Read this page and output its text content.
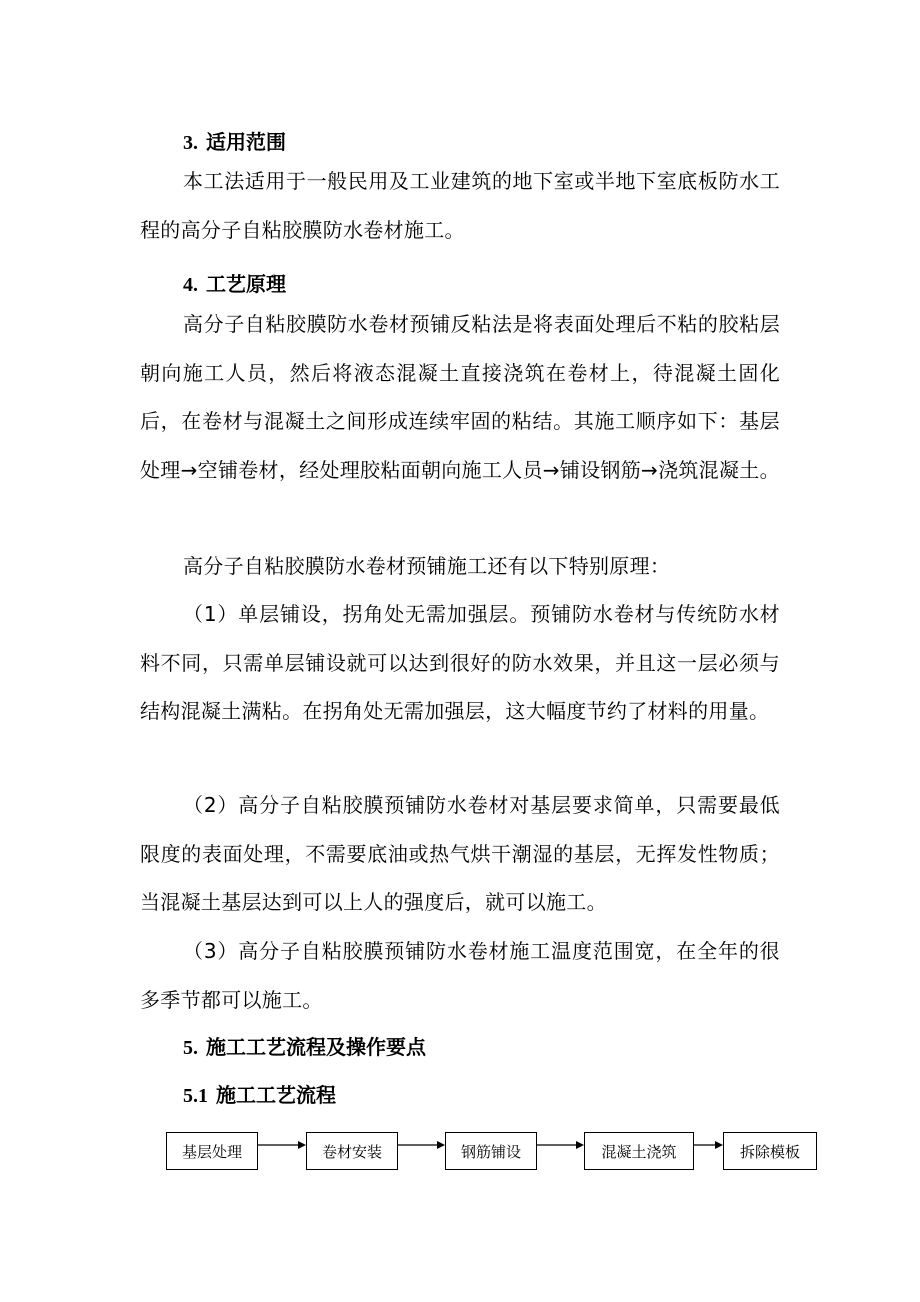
3. 适用范围
本工法适用于一般民用及工业建筑的地下室或半地下室底板防水工程的高分子自粘胶膜防水卷材施工。
4. 工艺原理
高分子自粘胶膜防水卷材预铺反粘法是将表面处理后不粘的胶粘层朝向施工人员，然后将液态混凝土直接浇筑在卷材上，待混凝土固化后，在卷材与混凝土之间形成连续牢固的粘结。其施工顺序如下：基层处理→空铺卷材，经处理胶粘面朝向施工人员→铺设钢筋→浇筑混凝土。
高分子自粘胶膜防水卷材预铺施工还有以下特别原理：
（1）单层铺设，拐角处无需加强层。预铺防水卷材与传统防水材料不同，只需单层铺设就可以达到很好的防水效果，并且这一层必须与结构混凝土满粘。在拐角处无需加强层，这大幅度节约了材料的用量。
（2）高分子自粘胶膜预铺防水卷材对基层要求简单，只需要最低限度的表面处理，不需要底油或热气烘干潮湿的基层，无挥发性物质；当混凝土基层达到可以上人的强度后，就可以施工。
（3）高分子自粘胶膜预铺防水卷材施工温度范围宽，在全年的很多季节都可以施工。
5. 施工工艺流程及操作要点
5.1 施工工艺流程
基层处理	卷材安装	钢筋铺设	混凝土浇筑	拆除模板
